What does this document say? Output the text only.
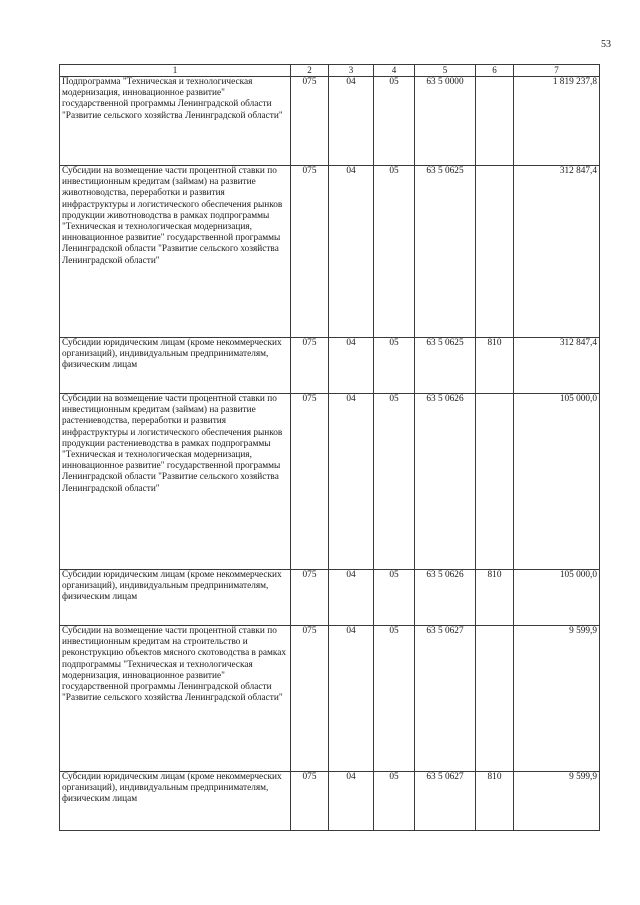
53
1	2	3	4	5	6	7
Подпрограмма "Техническая и технологическая модернизация, инновационное развитие" государственной программы Ленинградской области "Развитие сельского хозяйства Ленинградской области"	075	04	05	63 5 0000		1 819 237,8
Субсидии на возмещение части процентной ставки по инвестиционным кредитам (займам) на развитие животноводства, переработки и развития инфраструктуры и логистического обеспечения рынков продукции животноводства в рамках подпрограммы "Техническая и технологическая модернизация, инновационное развитие" государственной программы Ленинградской области "Развитие сельского хозяйства Ленинградской области"	075	04	05	63 5 0625		312 847,4
Субсидии юридическим лицам (кроме некоммерческих организаций), индивидуальным предпринимателям, физическим лицам	075	04	05	63 5 0625	810	312 847,4
Субсидии на возмещение части процентной ставки по инвестиционным кредитам (займам) на развитие растениеводства, переработки и развития инфраструктуры и логистического обеспечения рынков продукции растениеводства в рамках подпрограммы "Техническая и технологическая модернизация, инновационное развитие" государственной программы Ленинградской области "Развитие сельского хозяйства Ленинградской области"	075	04	05	63 5 0626		105 000,0
Субсидии юридическим лицам (кроме некоммерческих организаций), индивидуальным предпринимателям, физическим лицам	075	04	05	63 5 0626	810	105 000,0
Субсидии на возмещение части процентной ставки по инвестиционным кредитам на строительство и реконструкцию объектов мясного скотоводства в рамках подпрограммы "Техническая и технологическая модернизация, инновационное развитие" государственной программы Ленинградской области "Развитие сельского хозяйства Ленинградской области"	075	04	05	63 5 0627		9 599,9
Субсидии юридическим лицам (кроме некоммерческих организаций), индивидуальным предпринимателям, физическим лицам	075	04	05	63 5 0627	810	9 599,9
